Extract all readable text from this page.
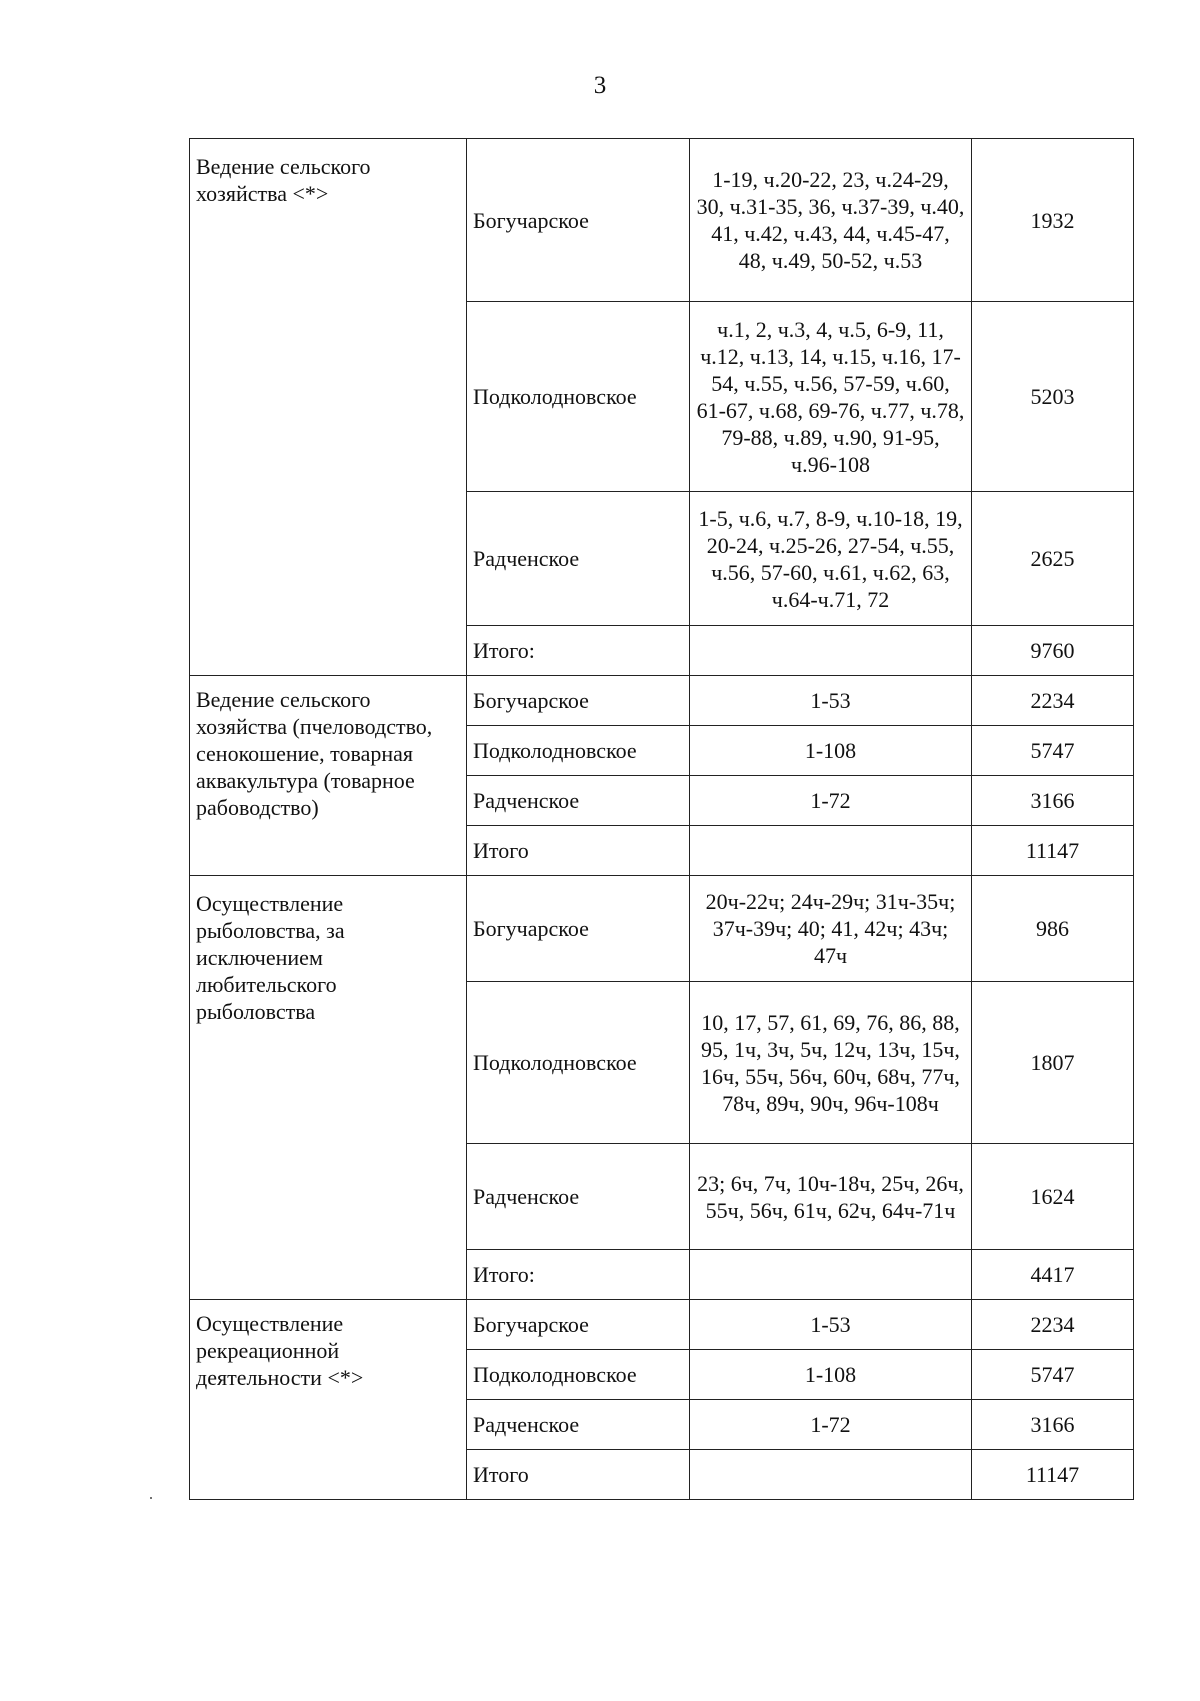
3
Ведение сельского хозяйства <*>	Богучарское	1-19, ч.20-22, 23, ч.24-29, 30, ч.31-35, 36, ч.37-39, ч.40, 41, ч.42, ч.43, 44, ч.45-47, 48, ч.49, 50-52, ч.53	1932
	Подколодновское	ч.1, 2, ч.3, 4, ч.5, 6-9, 11, ч.12, ч.13, 14, ч.15, ч.16, 17-54, ч.55, ч.56, 57-59, ч.60, 61-67, ч.68, 69-76, ч.77, ч.78, 79-88, ч.89, ч.90, 91-95, ч.96-108	5203
	Радченское	1-5, ч.6, ч.7, 8-9, ч.10-18, 19, 20-24, ч.25-26, 27-54, ч.55, ч.56, 57-60, ч.61, ч.62, 63, ч.64-ч.71, 72	2625
	Итого:		9760
Ведение сельского хозяйства (пчеловодство, сенокошение, товарная аквакультура (товарное рабоводство)	Богучарское	1-53	2234
	Подколодновское	1-108	5747
	Радченское	1-72	3166
	Итого		11147
Осуществление рыболовства, за исключением любительского рыболовства	Богучарское	20ч-22ч; 24ч-29ч; 31ч-35ч; 37ч-39ч; 40; 41, 42ч; 43ч; 47ч	986
	Подколодновское	10, 17, 57, 61, 69, 76, 86, 88, 95, 1ч, 3ч, 5ч, 12ч, 13ч, 15ч, 16ч, 55ч, 56ч, 60ч, 68ч, 77ч, 78ч, 89ч, 90ч, 96ч-108ч	1807
	Радченское	23; 6ч, 7ч, 10ч-18ч, 25ч, 26ч, 55ч, 56ч, 61ч, 62ч, 64ч-71ч	1624
	Итого:		4417
Осуществление рекреационной деятельности <*>	Богучарское	1-53	2234
	Подколодновское	1-108	5747
	Радченское	1-72	3166
	Итого		11147
